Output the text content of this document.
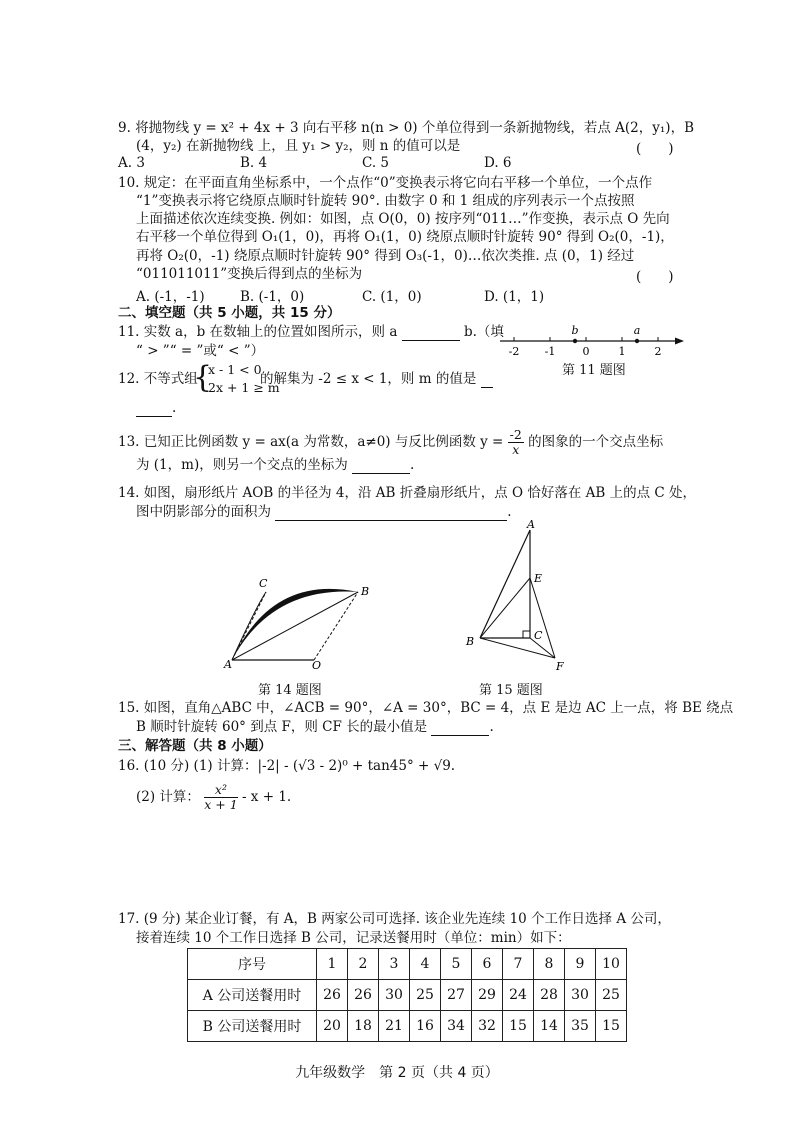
9. 将抛物线 y = x² + 4x + 3 向右平移 n(n > 0) 个单位得到一条新抛物线，若点 A(2，y₁)，B
(4，y₂) 在新抛物线 上，且 y₁ > y₂，则 n 的值可以是	(　　)
A. 3	B. 4	C. 5	D. 6
10. 规定：在平面直角坐标系中，一个点作“0”变换表示将它向右平移一个单位，一个点作
“1”变换表示将它绕原点顺时针旋转 90°. 由数字 0 和 1 组成的序列表示一个点按照
上面描述依次连续变换. 例如：如图，点 O(0，0) 按序列“011…”作变换，表示点 O 先向
右平移一个单位得到 O₁(1，0)，再将 O₁(1，0) 绕原点顺时针旋转 90° 得到 O₂(0，-1)，
再将 O₂(0，-1) 绕原点顺时针旋转 90° 得到 O₃(-1，0)…依次类推. 点 (0，1) 经过
“011011011”变换后得到点的坐标为	(　　)
A. (-1，-1)	B. (-1，0)	C. (1，0)	D. (1，1)
二、填空题（共 5 小题，共 15 分）
11. 实数 a，b 在数轴上的位置如图所示，则 a	b.（填
“ > ”“ = ”或“ < ”）
b	a
-2 -1 0	1	2
第 11 题图
12. 不等式组
{
x - 1 < 0
2x + 1 ≥ m
的解集为 -2 ≤ x < 1，则 m 的值是
.
13. 已知正比例函数 y = ax(a 为常数，a≠0) 与反比例函数 $y = \frac{-2}{x}$ 的图象的一个交点坐标
为 (1，m)，则另一个交点的坐标为	.
14. 如图，扇形纸片 AOB 的半径为 4，沿 AB 折叠扇形纸片，点 O 恰好落在 AB 上的点 C 处，
图中阴影部分的面积为	.
C
B
A	O
第 14 题图
A
E
C
B
F
第 15 题图
15. 如图，直角△ABC 中，∠ACB = 90°，∠A = 30°，BC = 4，点 E 是边 AC 上一点，将 BE 绕点
B 顺时针旋转 60° 到点 F，则 CF 长的最小值是	.
三、解答题（共 8 小题）
16. (10 分) (1) 计算：|-2| - (√3 - 2)⁰ + tan45° + √9.
(2) 计算： $\frac{\text{x²}}{x + 1} - x + 1$.
17. (9 分) 某企业订餐，有 A，B 两家公司可选择. 该企业先连续 10 个工作日选择 A 公司，
接着连续 10 个工作日选择 B 公司，记录送餐用时（单位：min）如下：
序号	1	2	3	4	5	6	7	8	9	10
A 公司送餐用时	26	26	30	25	27	29	24	28	30	25
B 公司送餐用时	20	18	21	16	34	32	15	14	35	15
九年级数学　第 2 页（共 4 页）
